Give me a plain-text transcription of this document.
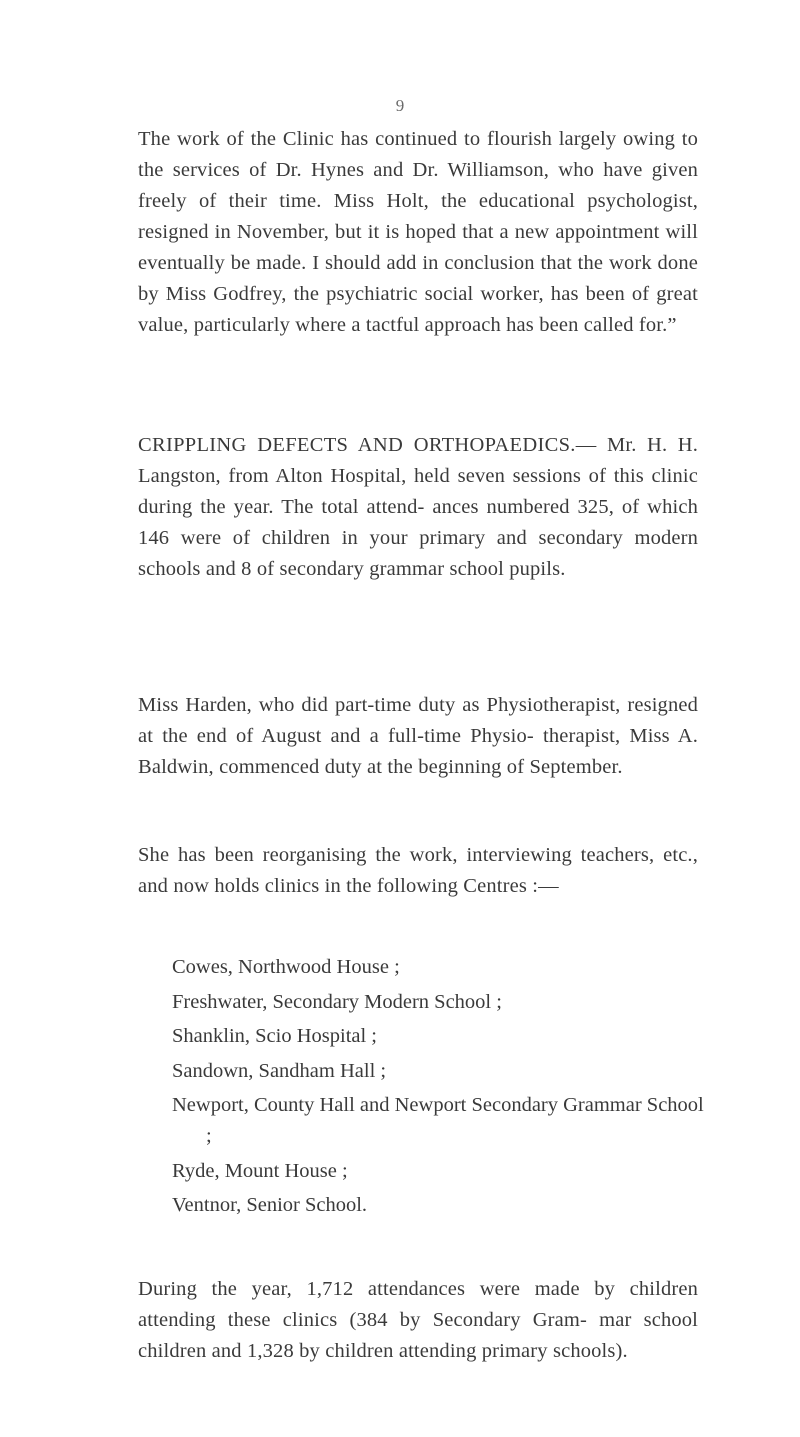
9

The work of the Clinic has continued to flourish largely owing to the services of Dr. Hynes and Dr. Williamson, who have given freely of their time. Miss Holt, the educational psychologist, resigned in November, but it is hoped that a new appointment will eventually be made. I should add in conclusion that the work done by Miss Godfrey, the psychiatric social worker, has been of great value, particularly where a tactful approach has been called for.”

CRIPPLING DEFECTS AND ORTHOPAEDICS.— Mr. H. H. Langston, from Alton Hospital, held seven sessions of this clinic during the year. The total attend- ances numbered 325, of which 146 were of children in your primary and secondary modern schools and 8 of secondary grammar school pupils.

Miss Harden, who did part-time duty as Physiotherapist, resigned at the end of August and a full-time Physio- therapist, Miss A. Baldwin, commenced duty at the beginning of September.

She has been reorganising the work, interviewing teachers, etc., and now holds clinics in the following Centres :—

Cowes, Northwood House ;
Freshwater, Secondary Modern School ;
Shanklin, Scio Hospital ;
Sandown, Sandham Hall ;
Newport, County Hall and Newport Secondary Grammar School ;
Ryde, Mount House ;
Ventnor, Senior School.

During the year, 1,712 attendances were made by children attending these clinics (384 by Secondary Gram- mar school children and 1,328 by children attending primary schools).
